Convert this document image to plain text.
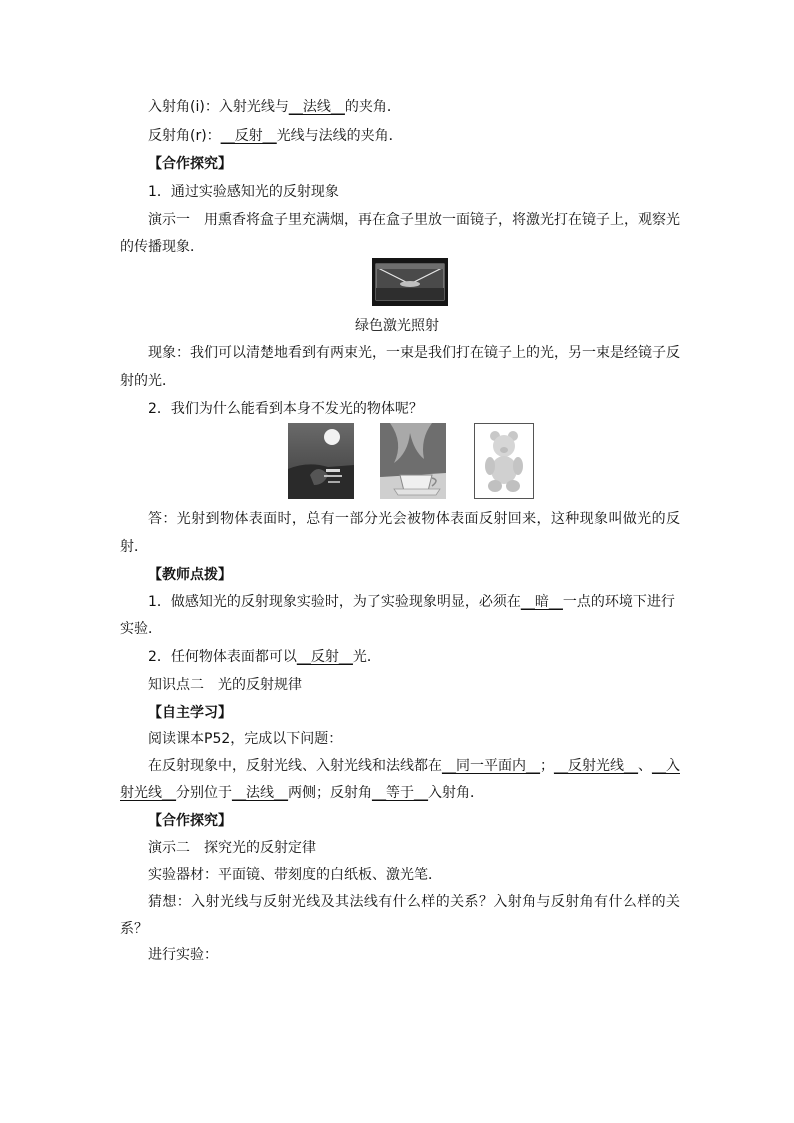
入射角(i)：入射光线与__法线__的夹角．
反射角(r)：__反射__光线与法线的夹角．
【合作探究】
1．通过实验感知光的反射现象
演示一　用熏香将盒子里充满烟，再在盒子里放一面镜子，将激光打在镜子上，观察光
的传播现象．
绿色激光照射
现象：我们可以清楚地看到有两束光，一束是我们打在镜子上的光，另一束是经镜子反
射的光．
2．我们为什么能看到本身不发光的物体呢？
答：光射到物体表面时，总有一部分光会被物体表面反射回来，这种现象叫做光的反
射．
【教师点拨】
1．做感知光的反射现象实验时，为了实验现象明显，必须在__暗__一点的环境下进行
实验．
2．任何物体表面都可以__反射__光．
知识点二　光的反射规律
【自主学习】
阅读课本P52，完成以下问题：
在反射现象中，反射光线、入射光线和法线都在__同一平面内__；__反射光线__、__入
射光线__分别位于__法线__两侧；反射角__等于__入射角．
【合作探究】
演示二　探究光的反射定律
实验器材：平面镜、带刻度的白纸板、激光笔．
猜想：入射光线与反射光线及其法线有什么样的关系？入射角与反射角有什么样的关
系？
进行实验：
